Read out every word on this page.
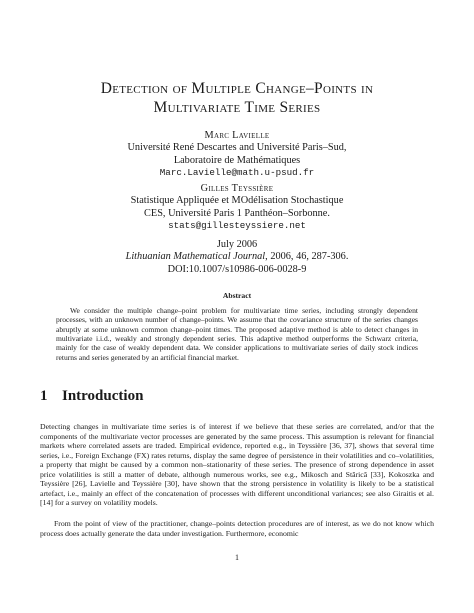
Detection of Multiple Change–Points in
Multivariate Time Series
Marc Lavielle
Université René Descartes and Université Paris–Sud,
Laboratoire de Mathématiques
Marc.Lavielle@math.u-psud.fr
Gilles Teyssière
Statistique Appliquée et MOdélisation Stochastique
CES, Université Paris 1 Panthéon–Sorbonne.
stats@gillesteyssiere.net
July 2006
Lithuanian Mathematical Journal, 2006, 46, 287-306.
DOI:10.1007/s10986-006-0028-9
Abstract
We consider the multiple change–point problem for multivariate time series, including strongly dependent processes, with an unknown number of change–points. We assume that the covariance structure of the series changes abruptly at some unknown common change–point times. The proposed adaptive method is able to detect changes in multivariate i.i.d., weakly and strongly dependent series. This adaptive method outperforms the Schwarz criteria, mainly for the case of weakly dependent data. We consider applications to multivariate series of daily stock indices returns and series generated by an artificial financial market.
1 Introduction
Detecting changes in multivariate time series is of interest if we believe that these series are correlated, and/or that the components of the multivariate vector processes are generated by the same process. This assumption is relevant for financial markets where correlated assets are traded. Empirical evidence, reported e.g., in Teyssière [36, 37], shows that several time series, i.e., Foreign Exchange (FX) rates returns, display the same degree of persistence in their volatilities and co–volatilities, a property that might be caused by a common non–stationarity of these series. The presence of strong dependence in asset price volatilities is still a matter of debate, although numerous works, see e.g., Mikosch and Stărică [33], Kokoszka and Teyssière [26], Lavielle and Teyssière [30], have shown that the strong persistence in volatility is likely to be a statistical artefact, i.e., mainly an effect of the concatenation of processes with different unconditional variances; see also Giraitis et al. [14] for a survey on volatility models.
From the point of view of the practitioner, change–points detection procedures are of interest, as we do not know which process does actually generate the data under investigation. Furthermore, economic
1
